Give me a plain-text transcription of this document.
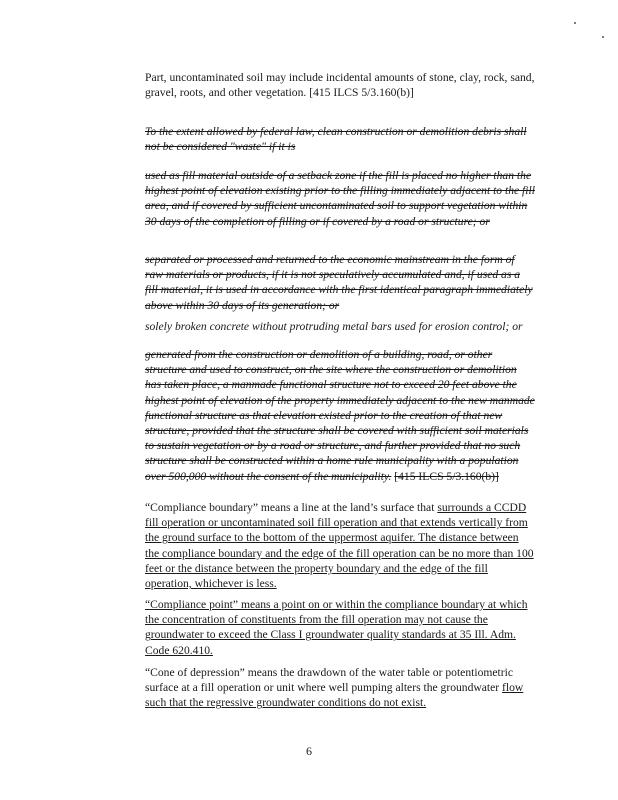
Part, uncontaminated soil may include incidental amounts of stone, clay, rock, sand, gravel, roots, and other vegetation. [415 ILCS 5/3.160(b)]

To the extent allowed by federal law, clean construction or demolition debris shall not be considered "waste" if it is

used as fill material outside of a setback zone if the fill is placed no higher than the highest point of elevation existing prior to the filling immediately adjacent to the fill area, and if covered by sufficient uncontaminated soil to support vegetation within 30 days of the completion of filling or if covered by a road or structure; or

separated or processed and returned to the economic mainstream in the form of raw materials or products, if it is not speculatively accumulated and, if used as a fill material, it is used in accordance with the first identical paragraph immediately above within 30 days of its generation; or

solely broken concrete without protruding metal bars used for erosion control; or

generated from the construction or demolition of a building, road, or other structure and used to construct, on the site where the construction or demolition has taken place, a manmade functional structure not to exceed 20 feet above the highest point of elevation of the property immediately adjacent to the new manmade functional structure as that elevation existed prior to the creation of that new structure, provided that the structure shall be covered with sufficient soil materials to sustain vegetation or by a road or structure, and further provided that no such structure shall be constructed within a home rule municipality with a population over 500,000 without the consent of the municipality. [415 ILCS 5/3.160(b)]

“Compliance boundary” means a line at the land’s surface that surrounds a CCDD fill operation or uncontaminated soil fill operation and that extends vertically from the ground surface to the bottom of the uppermost aquifer. The distance between the compliance boundary and the edge of the fill operation can be no more than 100 feet or the distance between the property boundary and the edge of the fill operation, whichever is less.

“Compliance point” means a point on or within the compliance boundary at which the concentration of constituents from the fill operation may not cause the groundwater to exceed the Class I groundwater quality standards at 35 Ill. Adm. Code 620.410.

“Cone of depression” means the drawdown of the water table or potentiometric surface at a fill operation or unit where well pumping alters the groundwater flow such that the regressive groundwater conditions do not exist.

6
